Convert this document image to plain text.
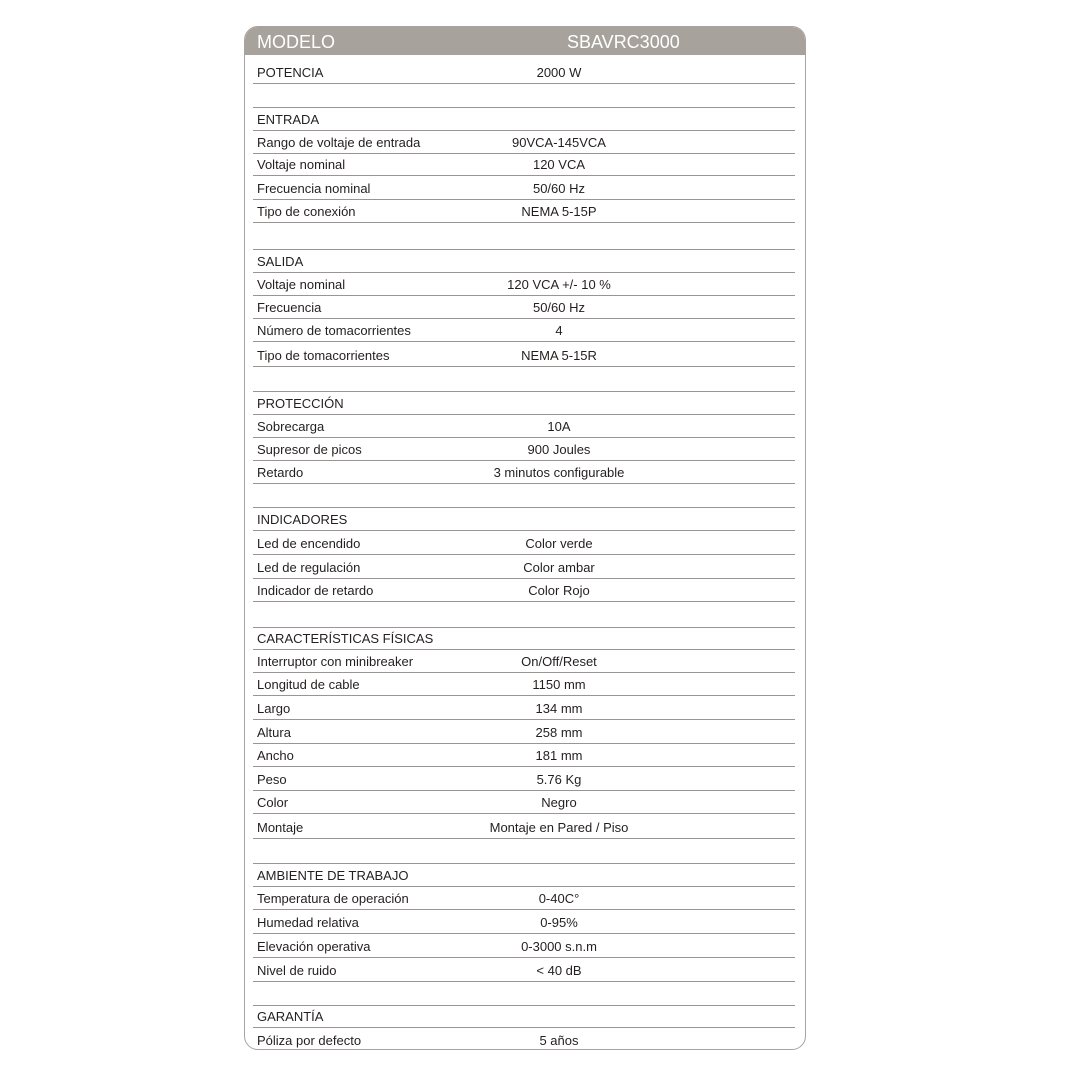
MODELO	SBAVRC3000
POTENCIA	2000 W
ENTRADA
Rango de voltaje de entrada	90VCA-145VCA
Voltaje nominal	120 VCA
Frecuencia nominal	50/60 Hz
Tipo de conexión	NEMA 5-15P
SALIDA
Voltaje nominal	120 VCA +/- 10 %
Frecuencia	50/60 Hz
Número de tomacorrientes	4
Tipo de tomacorrientes	NEMA 5-15R
PROTECCIÓN
Sobrecarga	10A
Supresor de picos	900 Joules
Retardo	3 minutos configurable
INDICADORES
Led de encendido	Color verde
Led de regulación	Color ambar
Indicador de retardo	Color Rojo
CARACTERÍSTICAS FÍSICAS
Interruptor con minibreaker	On/Off/Reset
Longitud de cable	1150 mm
Largo	134 mm
Altura	258 mm
Ancho	181 mm
Peso	5.76 Kg
Color	Negro
Montaje	Montaje en Pared / Piso
AMBIENTE DE TRABAJO
Temperatura de operación	0-40C°
Humedad relativa	0-95%
Elevación operativa	0-3000 s.n.m
Nivel de ruido	< 40 dB
GARANTÍA
Póliza por defecto	5 años
